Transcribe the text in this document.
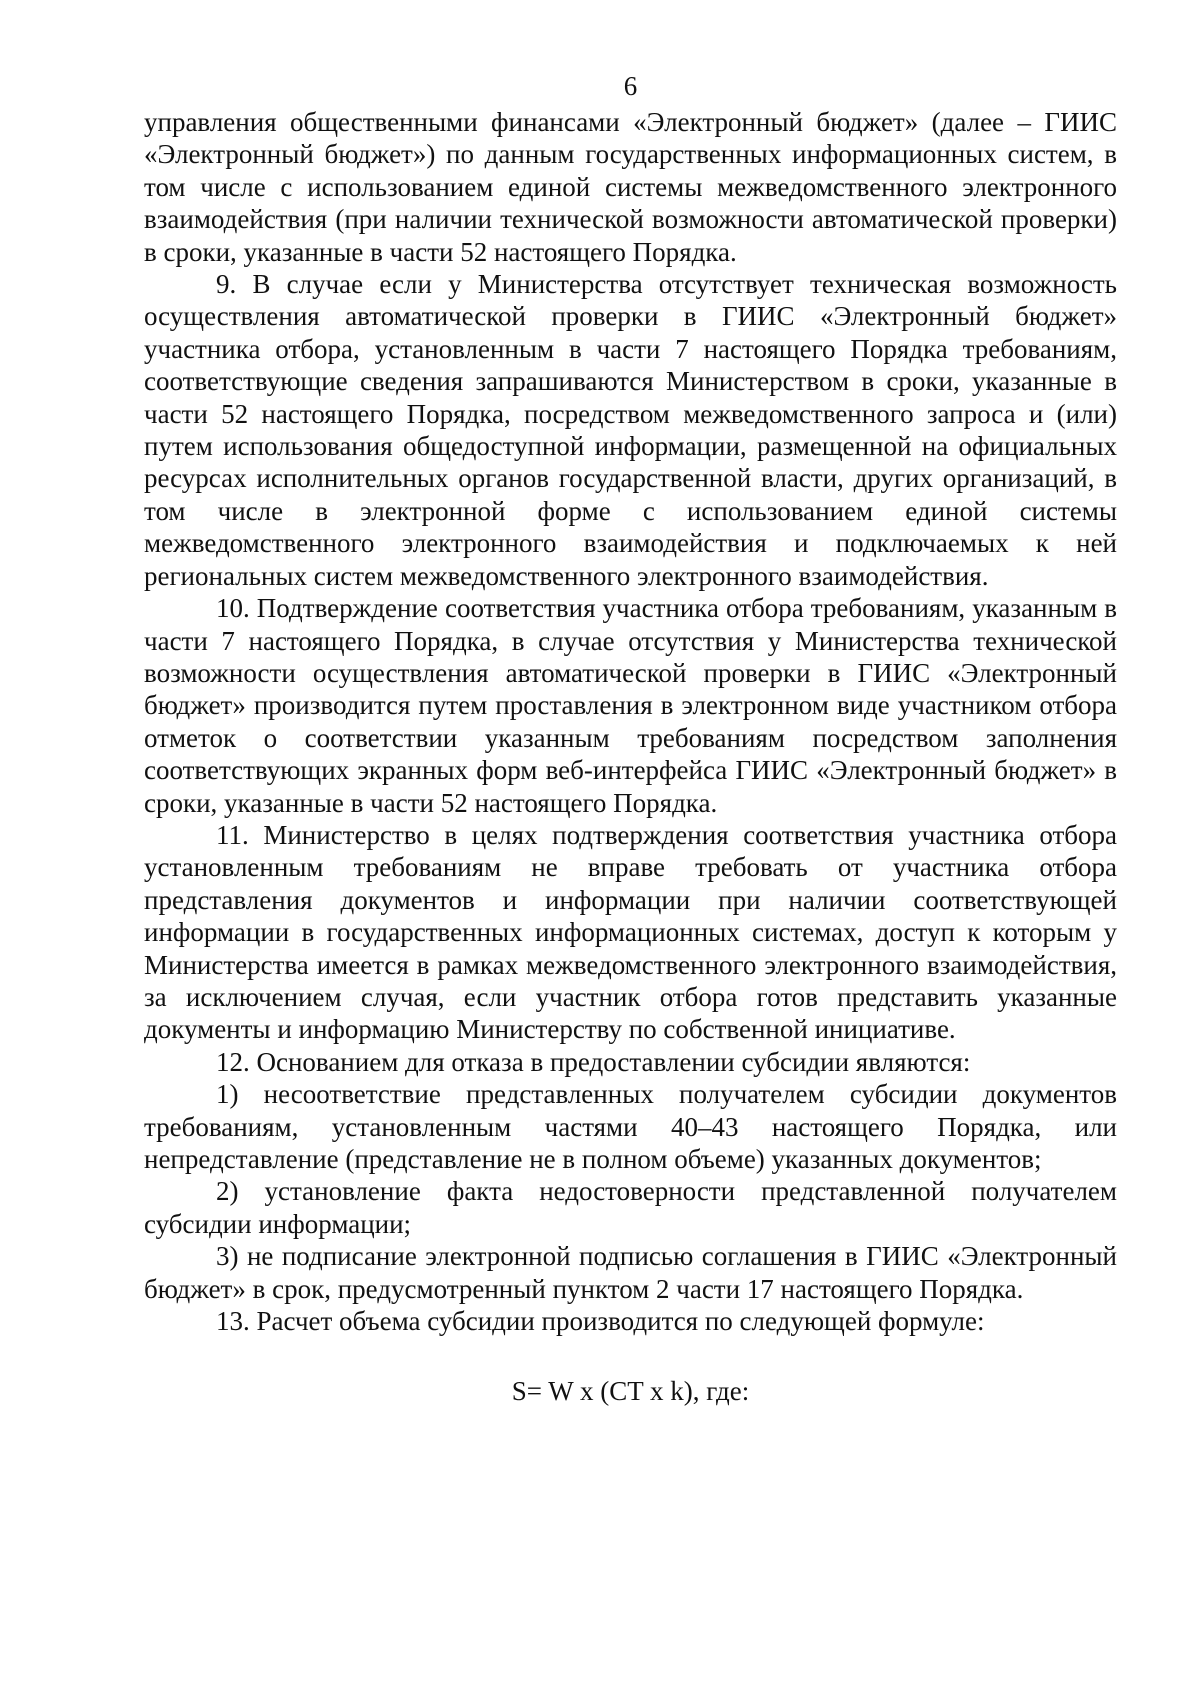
6

управления общественными финансами «Электронный бюджет» (далее – ГИИС «Электронный бюджет») по данным государственных информационных систем, в том числе с использованием единой системы межведомственного электронного взаимодействия (при наличии технической возможности автоматической проверки) в сроки, указанные в части 52 настоящего Порядка.

9. В случае если у Министерства отсутствует техническая возможность осуществления автоматической проверки в ГИИС «Электронный бюджет» участника отбора, установленным в части 7 настоящего Порядка требованиям, соответствующие сведения запрашиваются Министерством в сроки, указанные в части 52 настоящего Порядка, посредством межведомственного запроса и (или) путем использования общедоступной информации, размещенной на официальных ресурсах исполнительных органов государственной власти, других организаций, в том числе в электронной форме с использованием единой системы межведомственного электронного взаимодействия и подключаемых к ней региональных систем межведомственного электронного взаимодействия.

10. Подтверждение соответствия участника отбора требованиям, указанным в части 7 настоящего Порядка, в случае отсутствия у Министерства технической возможности осуществления автоматической проверки в ГИИС «Электронный бюджет» производится путем проставления в электронном виде участником отбора отметок о соответствии указанным требованиям посредством заполнения соответствующих экранных форм веб-интерфейса ГИИС «Электронный бюджет» в сроки, указанные в части 52 настоящего Порядка.

11. Министерство в целях подтверждения соответствия участника отбора установленным требованиям не вправе требовать от участника отбора представления документов и информации при наличии соответствующей информации в государственных информационных системах, доступ к которым у Министерства имеется в рамках межведомственного электронного взаимодействия, за исключением случая, если участник отбора готов представить указанные документы и информацию Министерству по собственной инициативе.

12. Основанием для отказа в предоставлении субсидии являются:

1) несоответствие представленных получателем субсидии документов требованиям, установленным частями 40–43 настоящего Порядка, или непредставление (представление не в полном объеме) указанных документов;

2) установление факта недостоверности представленной получателем субсидии информации;

3) не подписание электронной подписью соглашения в ГИИС «Электронный бюджет» в срок, предусмотренный пунктом 2 части 17 настоящего Порядка.

13. Расчет объема субсидии производится по следующей формуле:

S= W x (CT x k), где:
